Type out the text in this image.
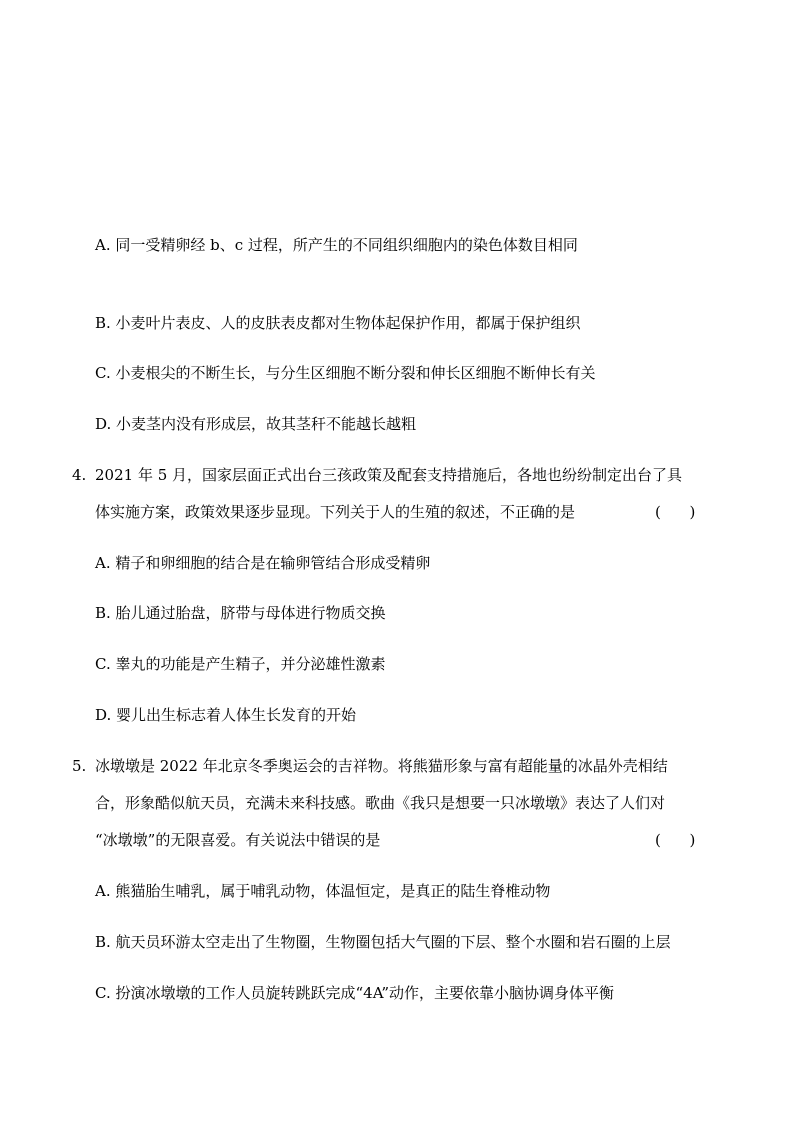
A. 同一受精卵经 b、c 过程，所产生的不同组织细胞内的染色体数目相同
B. 小麦叶片表皮、人的皮肤表皮都对生物体起保护作用，都属于保护组织
C. 小麦根尖的不断生长，与分生区细胞不断分裂和伸长区细胞不断伸长有关
D. 小麦茎内没有形成层，故其茎秆不能越长越粗
4. 2021 年 5 月，国家层面正式出台三孩政策及配套支持措施后，各地也纷纷制定出台了具
体实施方案，政策效果逐步显现。下列关于人的生殖的叙述，不正确的是	(      )
A. 精子和卵细胞的结合是在输卵管结合形成受精卵
B. 胎儿通过胎盘，脐带与母体进行物质交换
C. 睾丸的功能是产生精子，并分泌雄性激素
D. 婴儿出生标志着人体生长发育的开始
5. 冰墩墩是 2022 年北京冬季奥运会的吉祥物。将熊猫形象与富有超能量的冰晶外壳相结
合，形象酷似航天员，充满未来科技感。歌曲《我只是想要一只冰墩墩》表达了人们对
“冰墩墩”的无限喜爱。有关说法中错误的是	(      )
A. 熊猫胎生哺乳，属于哺乳动物，体温恒定，是真正的陆生脊椎动物
B. 航天员环游太空走出了生物圈，生物圈包括大气圈的下层、整个水圈和岩石圈的上层
C. 扮演冰墩墩的工作人员旋转跳跃完成“4A”动作，主要依靠小脑协调身体平衡
